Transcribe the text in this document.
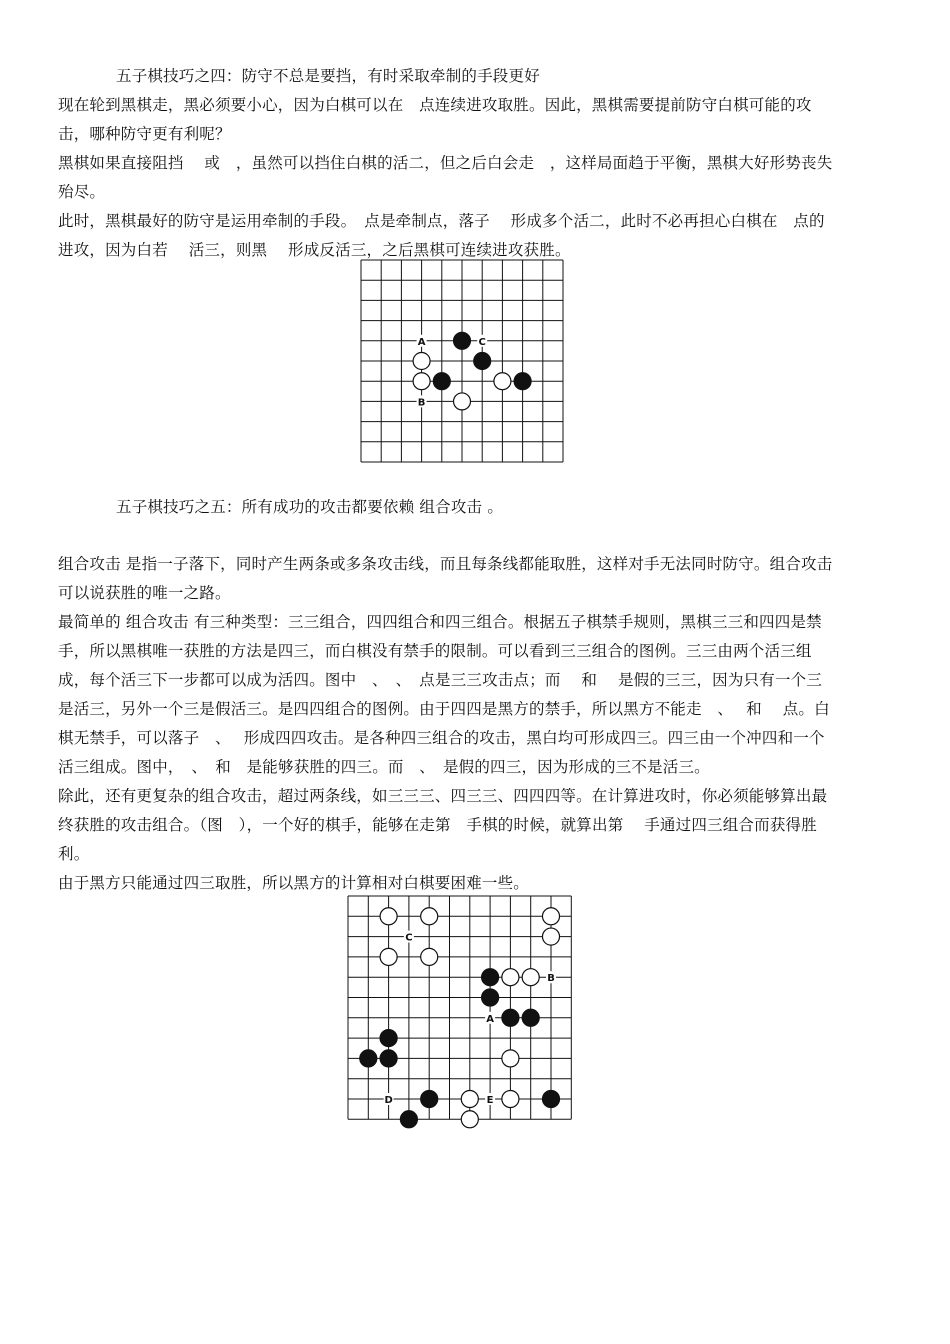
五子棋技巧之四：防守不总是要挡，有时采取牵制的手段更好
现在轮到黑棋走，黑必须要小心，因为白棋可以在　点连续进攻取胜。因此，黑棋需要提前防守白棋可能的攻
击，哪种防守更有利呢？
黑棋如果直接阻挡　 或　，虽然可以挡住白棋的活二，但之后白会走　，这样局面趋于平衡，黑棋大好形势丧失
殆尽。
此时，黑棋最好的防守是运用牵制的手段。　点是牵制点，落子　 形成多个活二，此时不必再担心白棋在　点的
进攻，因为白若　 活三，则黑　 形成反活三，之后黑棋可连续进攻获胜。
A	C
B
五子棋技巧之五：所有成功的攻击都要依赖 组合攻击 。
组合攻击 是指一子落下，同时产生两条或多条攻击线，而且每条线都能取胜，这样对手无法同时防守。组合攻击
可以说获胜的唯一之路。
最简单的 组合攻击 有三种类型：三三组合，四四组合和四三组合。根据五子棋禁手规则，黑棋三三和四四是禁
手，所以黑棋唯一获胜的方法是四三，而白棋没有禁手的限制。可以看到三三组合的图例。三三由两个活三组
成，每个活三下一步都可以成为活四。图中　、　、　点是三三攻击点；而　 和　 是假的三三，因为只有一个三
是活三，另外一个三是假活三。是四四组合的图例。由于四四是黑方的禁手，所以黑方不能走　、　 和　 点。白
棋无禁手，可以落子　、　 形成四四攻击。是各种四三组合的攻击，黑白均可形成四三。四三由一个冲四和一个
活三组成。图中，　、　和　是能够获胜的四三。而　、　是假的四三，因为形成的三不是活三。
除此，还有更复杂的组合攻击，超过两条线，如三三三、四三三、四四四等。在计算进攻时，你必须能够算出最
终获胜的攻击组合。（图　），一个好的棋手，能够在走第　手棋的时候，就算出第　 手通过四三组合而获得胜
利。
由于黑方只能通过四三取胜，所以黑方的计算相对白棋要困难一些。
C
B
A
D	E
